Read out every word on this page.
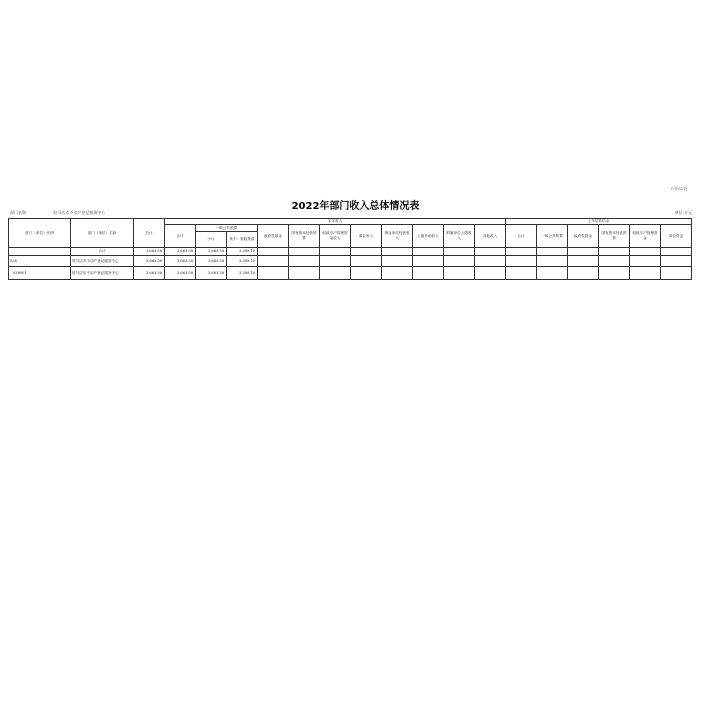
公开02表
2022年部门收入总体情况表
部门名称:	驻马店市不动产登记服务中心	单位:万元
部门（单位）代码	部门（单位）名称	总计	本年收入											上年结转结余					
			合计	一般公共预算		政府性基金	国有资本经营预算	财政专户管理资金收入	事业收入	事业单位经营收入	上级补助收入	附属单位上缴收入	其他收入	合计	一般公共预算	政府性基金	国有资本经营预算	财政专户管理资金	单位资金
				小计	其中：财政拨款														

	合计	3,663.58	3,663.58	3,663.58	3,389.10														
038	驻马店市不动产登记服务中心	3,663.58	3,663.58	3,663.58	3,389.10														
038001	驻马店市不动产登记服务中心	3,663.58	3,663.58	3,663.58	3,389.10														
